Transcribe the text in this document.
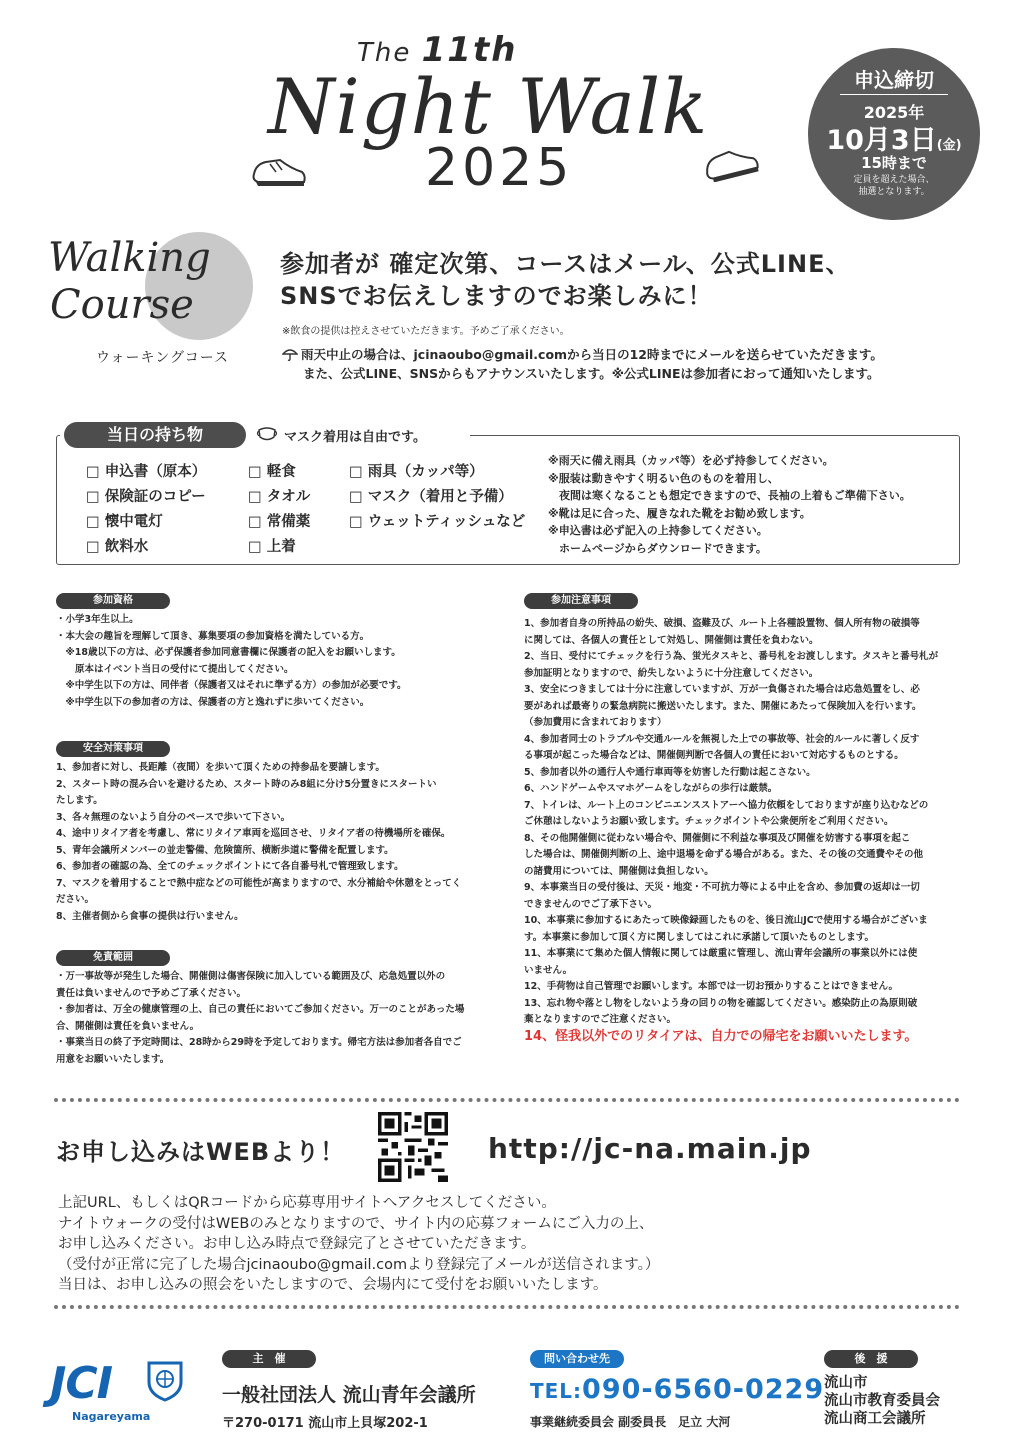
The 11th
Night Walk
2025
申込締切
2025年
10月3日(金)
15時まで
定員を超えた場合、
抽選となります。
Walking
Course
ウォーキングコース
参加者が 確定次第、コースはメール、公式LINE、
SNSでお伝えしますのでお楽しみに！
※飲食の提供は控えさせていただきます。予めご了承ください。
雨天中止の場合は、jcinaoubo@gmail.comから当日の12時までにメールを送らせていただきます。
また、公式LINE、SNSからもアナウンスいたします。※公式LINEは参加者におって通知いたします。
当日の持ち物	マスク着用は自由です。
□ 申込書（原本）
□ 保険証のコピー
□ 懐中電灯
□ 飲料水
□ 軽食
□ タオル
□ 常備薬
□ 上着
□ 雨具（カッパ等）
□ マスク（着用と予備）
□ ウェットティッシュなど
※雨天に備え雨具（カッパ等）を必ず持参してください。
※服装は動きやすく明るい色のものを着用し、
　夜間は寒くなることも想定できますので、長袖の上着もご準備下さい。
※靴は足に合った、履きなれた靴をお勧め致します。
※申込書は必ず記入の上持参してください。
　ホームページからダウンロードできます。
参加資格
・小学3年生以上。
・本大会の趣旨を理解して頂き、募集要項の参加資格を満たしている方。
　※18歳以下の方は、必ず保護者参加同意書欄に保護者の記入をお願いします。
　　原本はイベント当日の受付にて提出してください。
　※中学生以下の方は、同伴者（保護者又はそれに準ずる方）の参加が必要です。
　※中学生以下の参加者の方は、保護者の方と逸れずに歩いてください。
安全対策事項
1、参加者に対し、長距離（夜間）を歩いて頂くための持参品を要請します。
2、スタート時の混み合いを避けるため、スタート時のみ8組に分け5分置きにスタートい
たします。
3、各々無理のないよう自分のペースで歩いて下さい。
4、途中リタイア者を考慮し、常にリタイア車両を巡回させ、リタイア者の待機場所を確保。
5、青年会議所メンバーの並走警備、危険箇所、横断歩道に警備を配置します。
6、参加者の確認の為、全てのチェックポイントにて各自番号札で管理致します。
7、マスクを着用することで熱中症などの可能性が高まりますので、水分補給や休憩をとってく
ださい。
8、主催者側から食事の提供は行いません。
免責範囲
・万一事故等が発生した場合、開催側は傷害保険に加入している範囲及び、応急処置以外の
責任は負いませんので予めご了承ください。
・参加者は、万全の健康管理の上、自己の責任においてご参加ください。万一のことがあった場
合、開催側は責任を負いません。
・事業当日の終了予定時間は、28時から29時を予定しております。帰宅方法は参加者各自でご
用意をお願いいたします。
参加注意事項
1、参加者自身の所持品の紛失、破損、盗難及び、ルート上各種設置物、個人所有物の破損等
に関しては、各個人の責任として対処し、開催側は責任を負わない。
2、当日、受付にてチェックを行う為、蛍光タスキと、番号札をお渡しします。タスキと番号札が
参加証明となりますので、紛失しないように十分注意してください。
3、安全につきましては十分に注意していますが、万が一負傷された場合は応急処置をし、必
要があれば最寄りの緊急病院に搬送いたします。また、開催にあたって保険加入を行います。
（参加費用に含まれております）
4、参加者同士のトラブルや交通ルールを無視した上での事故等、社会的ルールに著しく反す
る事項が起こった場合などは、開催側判断で各個人の責任において対応するものとする。
5、参加者以外の通行人や通行車両等を妨害した行動は起こさない。
6、ハンドゲームやスマホゲームをしながらの歩行は厳禁。
7、トイレは、ルート上のコンビニエンスストアーへ協力依頼をしておりますが座り込むなどの
ご休憩はしないようお願い致します。チェックポイントや公衆便所をご利用ください。
8、その他開催側に従わない場合や、開催側に不利益な事項及び開催を妨害する事項を起こ
した場合は、開催側判断の上、途中退場を命ずる場合がある。また、その後の交通費やその他
の諸費用については、開催側は負担しない。
9、本事業当日の受付後は、天災・地変・不可抗力等による中止を含め、参加費の返却は一切
できませんのでご了承下さい。
10、本事業に参加するにあたって映像録画したものを、後日流山JCで使用する場合がございま
す。本事業に参加して頂く方に関しましてはこれに承諾して頂いたものとします。
11、本事業にて集めた個人情報に関しては厳重に管理し、流山青年会議所の事業以外には使
いません。
12、手荷物は自己管理でお願いします。本部では一切お預かりすることはできません。
13、忘れ物や落とし物をしないよう身の回りの物を確認してください。感染防止の為原則破
棄となりますのでご注意ください。
14、怪我以外でのリタイアは、自力での帰宅をお願いいたします。
お申し込みはWEBより！	http://jc-na.main.jp
上記URL、もしくはQRコードから応募専用サイトへアクセスしてください。
ナイトウォークの受付はWEBのみとなりますので、サイト内の応募フォームにご入力の上、
お申し込みください。お申し込み時点で登録完了とさせていただきます。
（受付が正常に完了した場合jcinaoubo@gmail.comより登録完了メールが送信されます。）
当日は、お申し込みの照会をいたしますので、会場内にて受付をお願いいたします。
JCI
Nagareyama
主　催
一般社団法人 流山青年会議所
〒270-0171 流山市上貝塚202-1
問い合わせ先
TEL:090-6560-0229
事業継続委員会 副委員長　足立 大河
後　援
流山市
流山市教育委員会
流山商工会議所
